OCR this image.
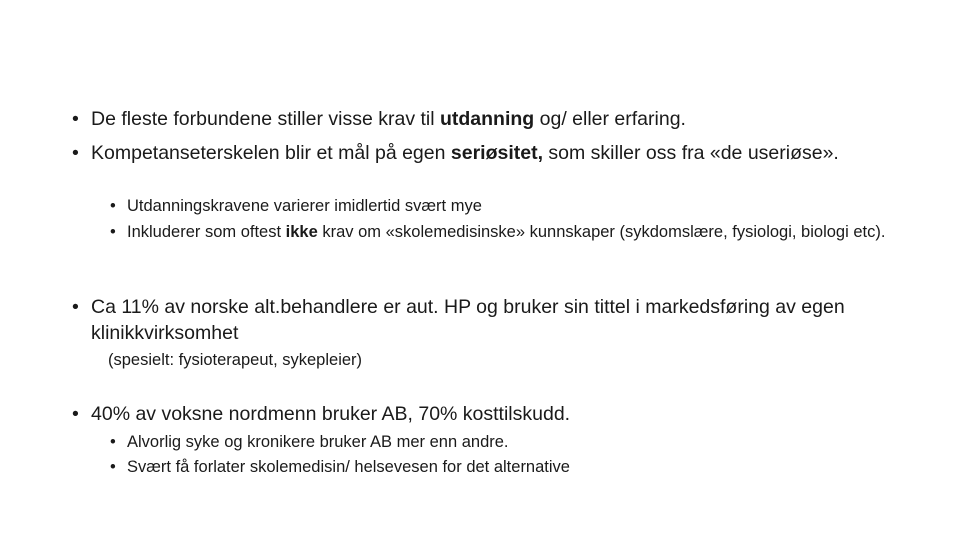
• De fleste forbundene stiller visse krav til utdanning og/ eller erfaring.

• Kompetanseterskelen blir et mål på egen seriøsitet, som skiller oss fra «de useriøse».

• Utdanningskravene varierer imidlertid svært mye

• Inkluderer som oftest ikke krav om «skolemedisinske» kunnskaper (sykdomslære, fysiologi, biologi etc).

• Ca 11% av norske alt.behandlere er aut. HP og bruker sin tittel i markedsføring av egen klinikkvirksomhet

(spesielt: fysioterapeut, sykepleier)

• 40% av voksne nordmenn bruker AB, 70% kosttilskudd.

• Alvorlig syke og kronikere bruker AB mer enn andre.

• Svært få forlater skolemedisin/ helsevesen for det alternative
